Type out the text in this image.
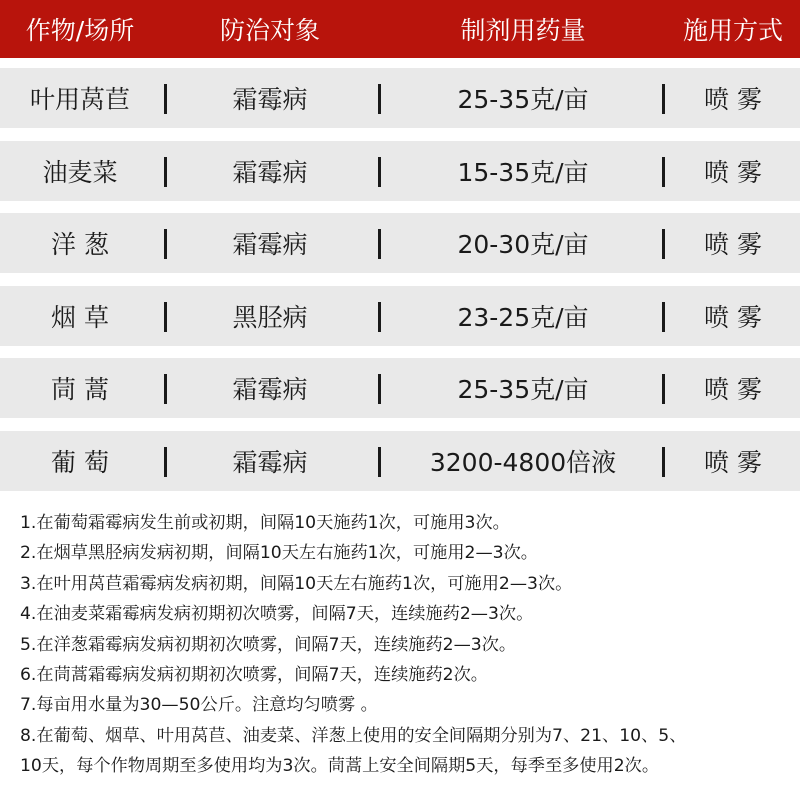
作物/场所	防治对象	制剂用药量	施用方式
叶用莴苣	霜霉病	25-35克/亩	喷 雾
油麦菜	霜霉病	15-35克/亩	喷 雾
洋 葱	霜霉病	20-30克/亩	喷 雾
烟 草	黑胫病	23-25克/亩	喷 雾
茼 蒿	霜霉病	25-35克/亩	喷 雾
葡 萄	霜霉病	3200-4800倍液	喷 雾
1.在葡萄霜霉病发生前或初期，间隔10天施药1次，可施用3次。
2.在烟草黑胫病发病初期，间隔10天左右施药1次，可施用2—3次。
3.在叶用莴苣霜霉病发病初期，间隔10天左右施药1次，可施用2—3次。
4.在油麦菜霜霉病发病初期初次喷雾，间隔7天，连续施药2—3次。
5.在洋葱霜霉病发病初期初次喷雾，间隔7天，连续施药2—3次。
6.在茼蒿霜霉病发病初期初次喷雾，间隔7天，连续施药2次。
7.每亩用水量为30—50公斤。注意均匀喷雾 。
8.在葡萄、烟草、叶用莴苣、油麦菜、洋葱上使用的安全间隔期分别为7、21、10、5、
10天，每个作物周期至多使用均为3次。茼蒿上安全间隔期5天，每季至多使用2次。
